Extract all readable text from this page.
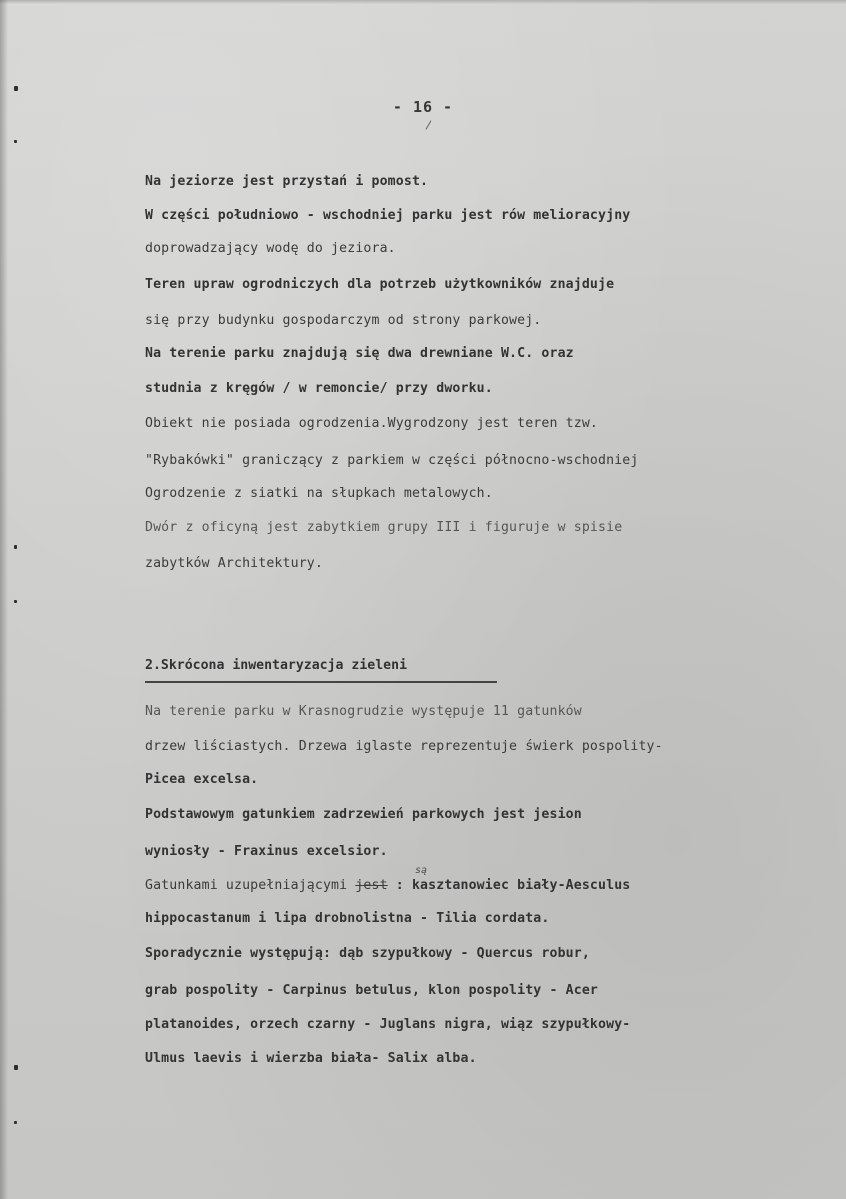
- 16 -
Na jeziorze jest przystań i pomost.
W części południowo - wschodniej parku jest rów melioracyjny
doprowadzający wodę do jeziora.
Teren upraw ogrodniczych dla potrzeb użytkowników znajduje
się przy budynku gospodarczym od strony parkowej.
Na terenie parku znajdują się dwa drewniane W.C. oraz
studnia z kręgów / w remoncie/ przy dworku.
Obiekt nie posiada ogrodzenia.Wygrodzony jest teren tzw.
"Rybakówki" graniczący z parkiem w części północno-wschodniej
Ogrodzenie z siatki na słupkach metalowych.
Dwór z oficyną jest zabytkiem grupy III i figuruje w spisie
zabytków Architektury.
2.Skrócona inwentaryzacja zieleni
Na terenie parku w Krasnogrudzie występuje 11 gatunków
drzew liściastych. Drzewa iglaste reprezentuje świerk pospolity-
Picea excelsa.
Podstawowym gatunkiem zadrzewień parkowych jest jesion
wyniosły - Fraxinus excelsior.
Gatunkami uzupełniającymi jest : kasztanowiec biały-Aesculus
są
hippocastanum i lipa drobnolistna - Tilia cordata.
Sporadycznie występują: dąb szypułkowy - Quercus robur,
grab pospolity - Carpinus betulus, klon pospolity - Acer
platanoides, orzech czarny - Juglans nigra, wiąz szypułkowy-
Ulmus laevis i wierzba biała- Salix alba.
